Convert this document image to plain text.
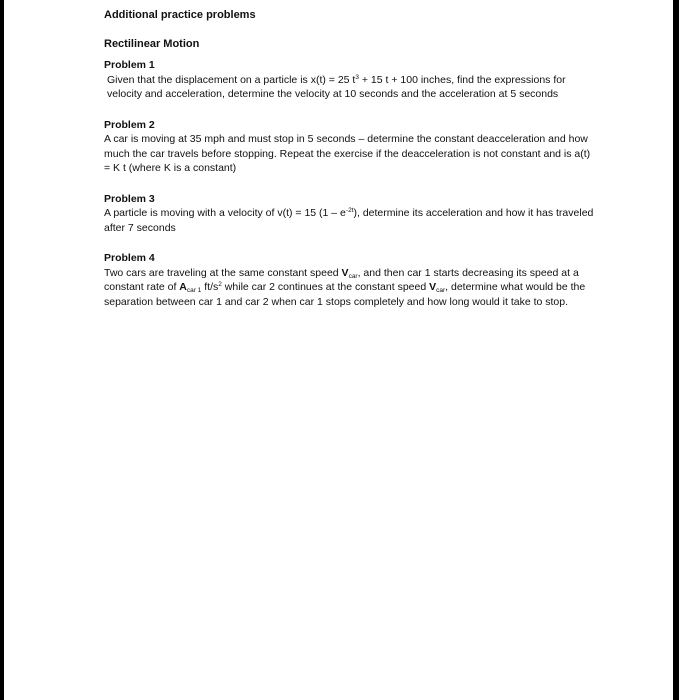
Additional practice problems
Rectilinear Motion
Problem 1

Given that the displacement on a particle is x(t) = 25 $t^3 + 15$ t + 100 inches, find the expressions for velocity and acceleration, determine the velocity at 10 seconds and the acceleration at 5 seconds

Problem 2

A car is moving at 35 mph and must stop in 5 seconds – determine the constant deacceleration and how much the car travels before stopping. Repeat the exercise if the deacceleration is not constant and is a(t) = K t (where K is a constant)

Problem 3

A particle is moving with a velocity of v(t) = 15 $(1 - e^{-2t})$, determine its acceleration and how it has traveled after 7 seconds

Problem 4

Two cars are traveling at the same constant speed $V_{car}$, and then car 1 starts decreasing its speed at a constant rate of $A_{car 1}$ $ft/s^2$ while car 2 continues at the constant speed $V_{car}$, determine what would be the separation between car 1 and car 2 when car 1 stops completely and how long would it take to stop.
